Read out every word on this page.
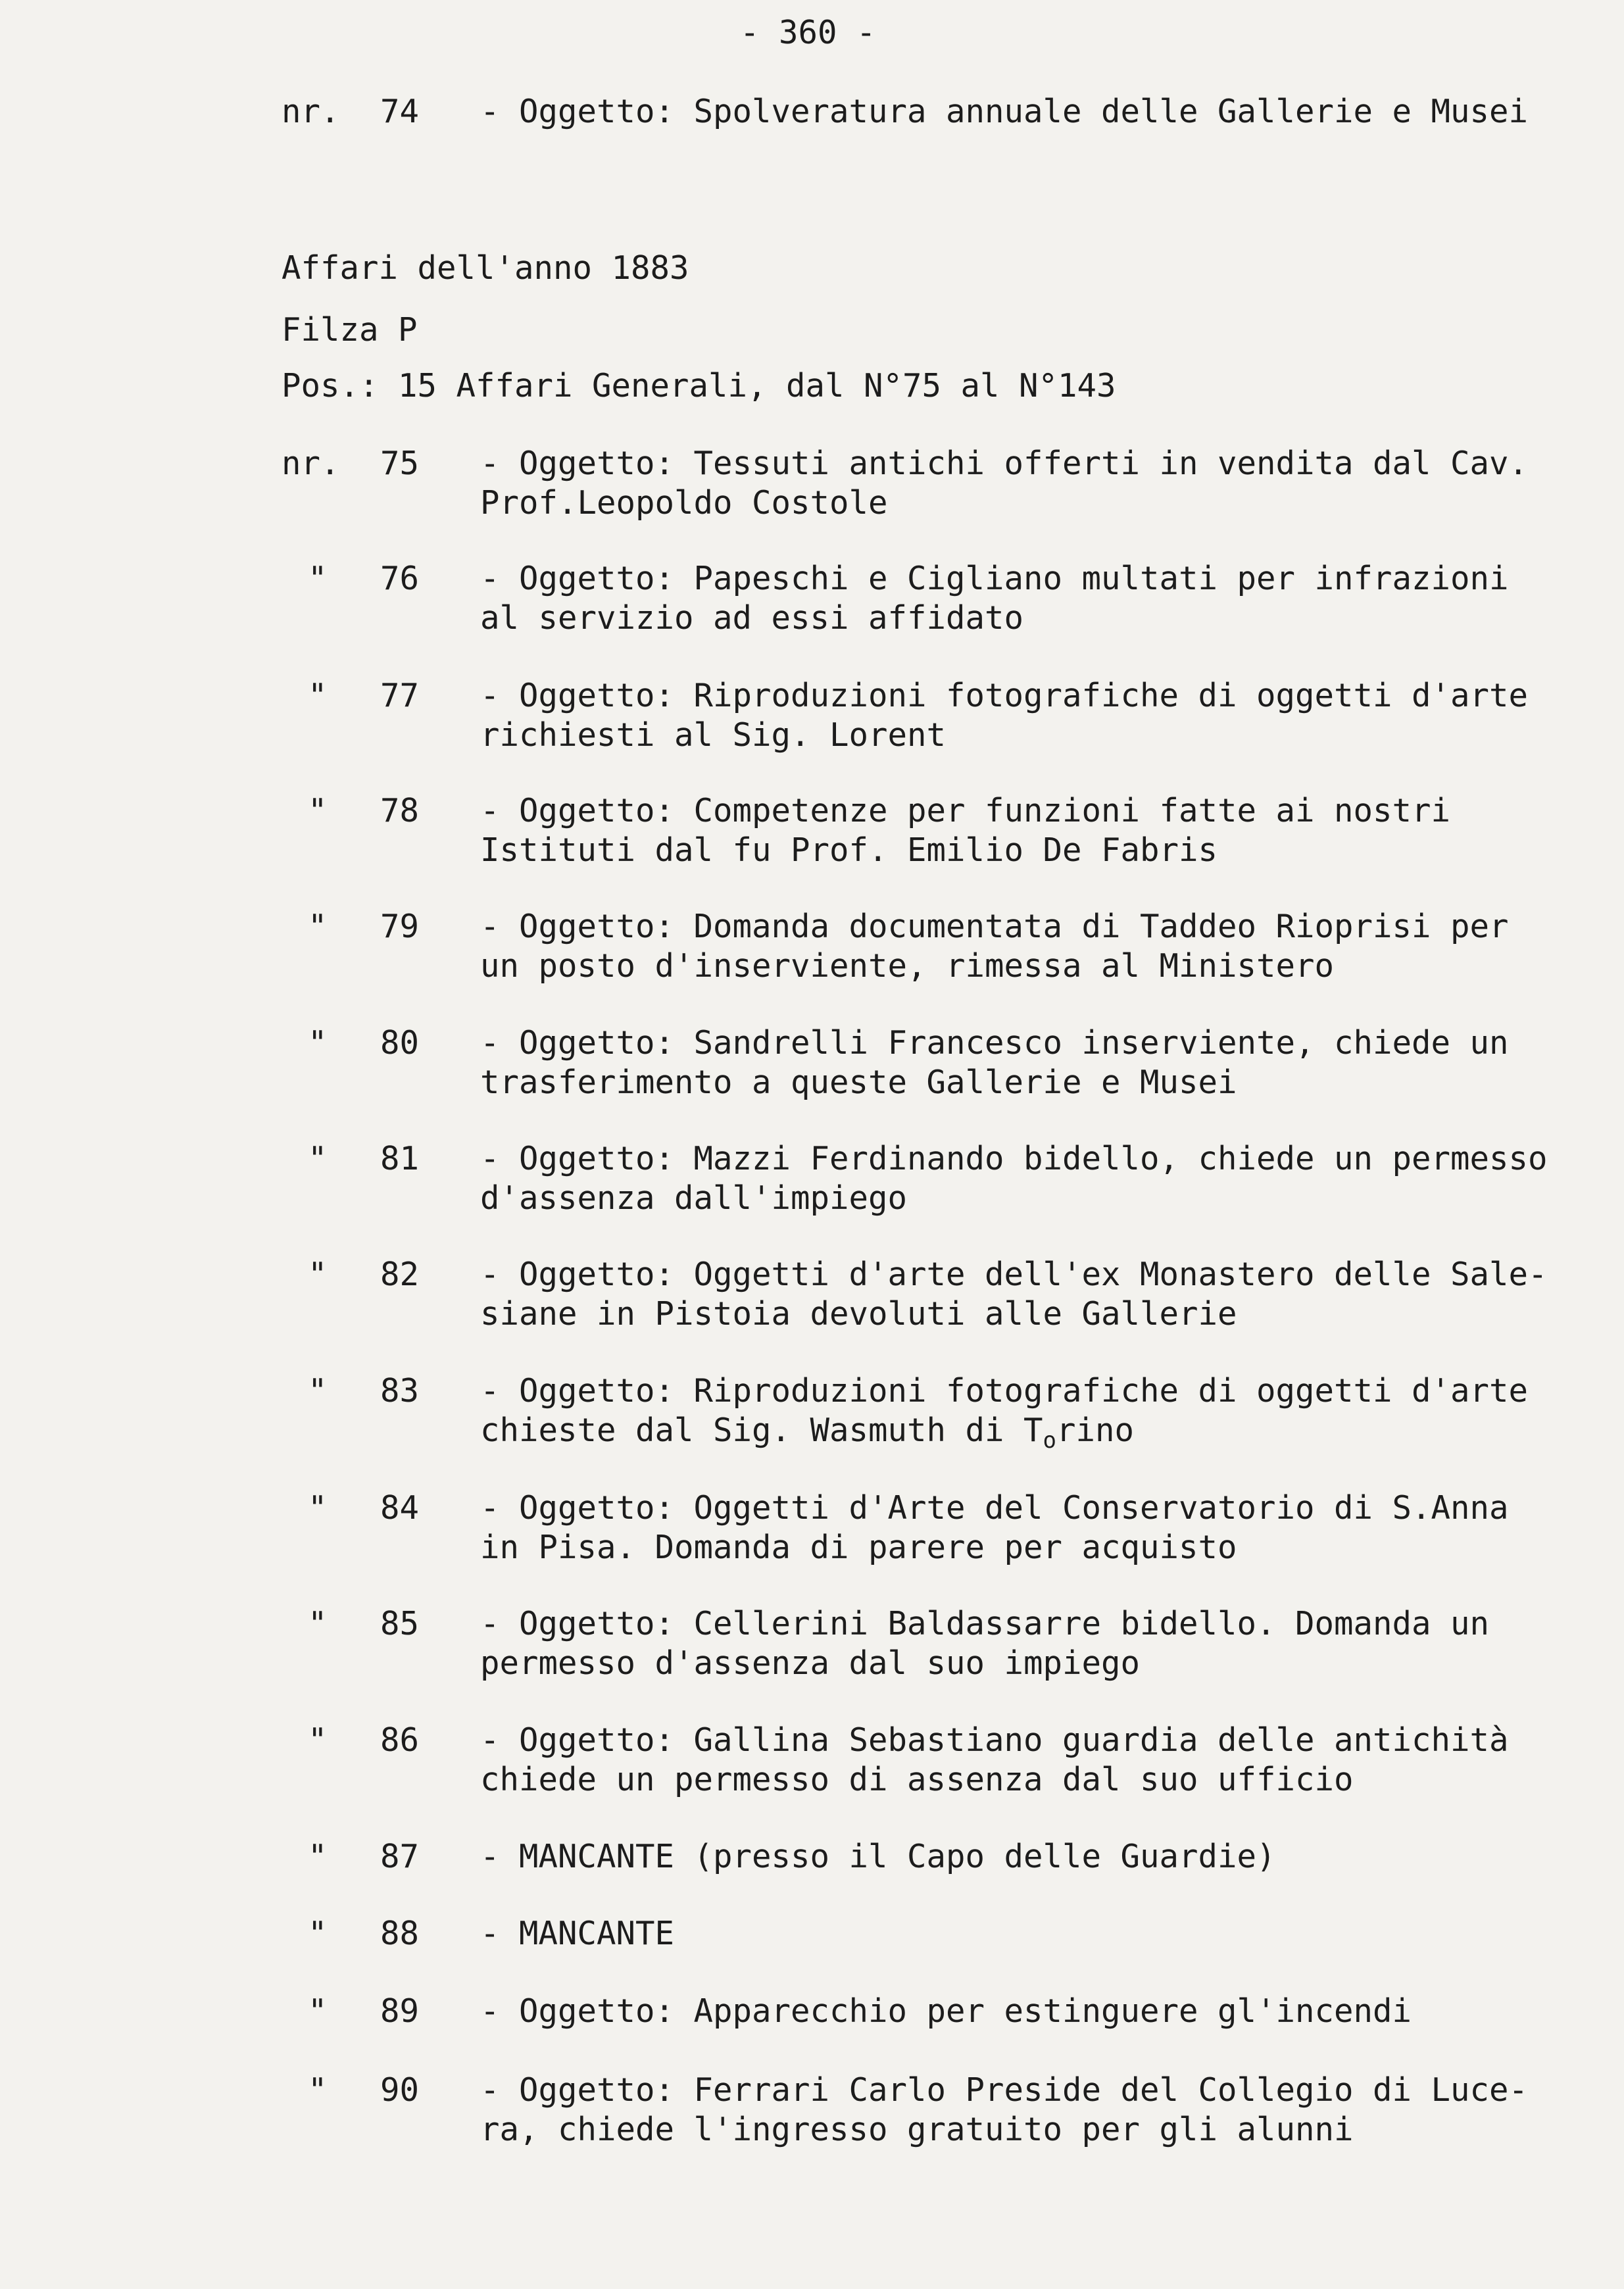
- 360 -
nr. 74 - Oggetto: Spolveratura annuale delle Gallerie e Musei
Affari dell'anno 1883
Filza P
Pos.: 15 Affari Generali, dal N°75 al N°143
nr. 75 - Oggetto: Tessuti antichi offerti in vendita dal Cav.
Prof.Leopoldo Costole
"	76 - Oggetto: Papeschi e Cigliano multati per infrazioni
al servizio ad essi affidato
"	77 - Oggetto: Riproduzioni fotografiche di oggetti d'arte
richiesti al Sig. Lorent
"	78 - Oggetto: Competenze per funzioni fatte ai nostri
Istituti dal fu Prof. Emilio De Fabris
"	79 - Oggetto: Domanda documentata di Taddeo Rioprisi per
un posto d'inserviente, rimessa al Ministero
"	80 - Oggetto: Sandrelli Francesco inserviente, chiede un
trasferimento a queste Gallerie e Musei
"	81 - Oggetto: Mazzi Ferdinando bidello, chiede un permesso
d'assenza dall'impiego
"	82 - Oggetto: Oggetti d'arte dell'ex Monastero delle Sale-
siane in Pistoia devoluti alle Gallerie
"	83 - Oggetto: Riproduzioni fotografiche di oggetti d'arte
chieste dal Sig. Wasmuth di $T_orino$
"	84 - Oggetto: Oggetti d'Arte del Conservatorio di S.Anna
in Pisa. Domanda di parere per acquisto
"	85 - Oggetto: Cellerini Baldassarre bidello. Domanda un
permesso d'assenza dal suo impiego
"	86 - Oggetto: Gallina Sebastiano guardia delle antichità
chiede un permesso di assenza dal suo ufficio
"	87 - MANCANTE (presso il Capo delle Guardie)
"	88 - MANCANTE
"	89 - Oggetto: Apparecchio per estinguere gl'incendi
"	90 - Oggetto: Ferrari Carlo Preside del Collegio di Luce-
ra, chiede l'ingresso gratuito per gli alunni
